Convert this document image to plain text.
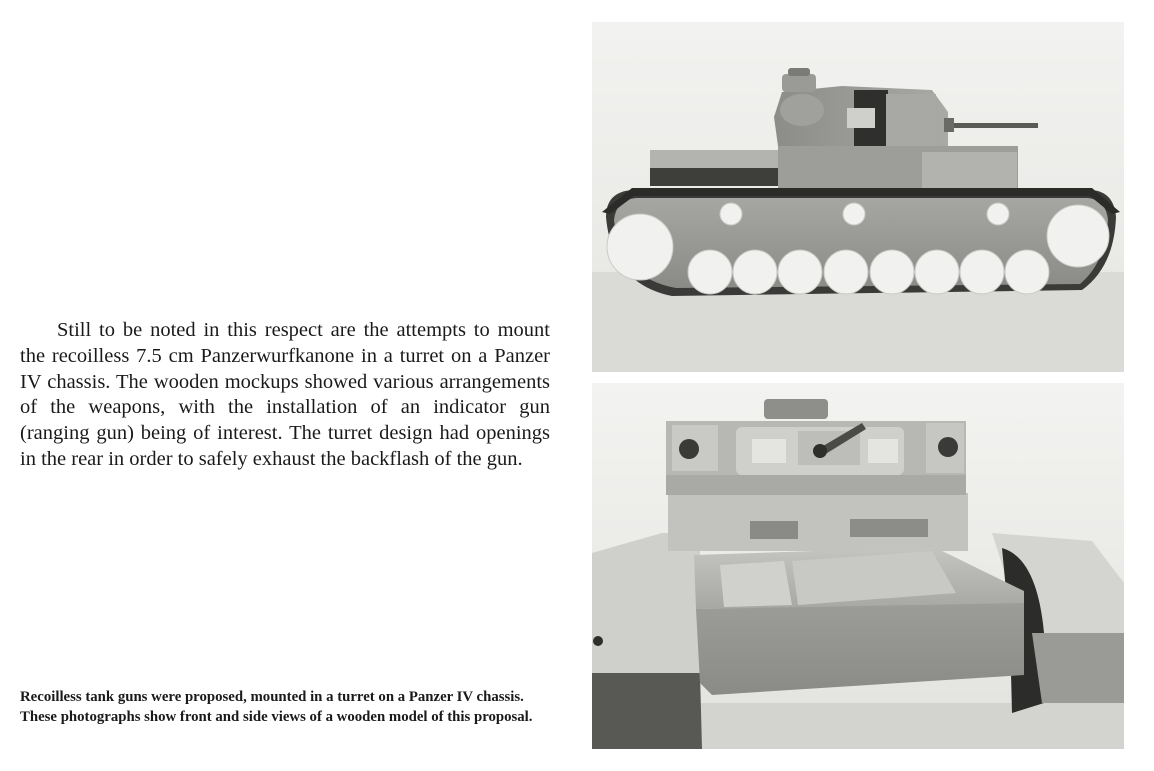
Still to be noted in this respect are the attempts to mount the recoilless 7.5 cm Panzerwurfkanone in a turret on a Panzer IV chassis. The wooden mockups showed various arrangements of the weapons, with the installation of an indicator gun (ranging gun) being of interest. The turret design had openings in the rear in order to safely exhaust the backflash of the gun.

Recoilless tank guns were proposed, mounted in a turret on a Panzer IV chassis. These photographs show front and side views of a wooden model of this proposal.
